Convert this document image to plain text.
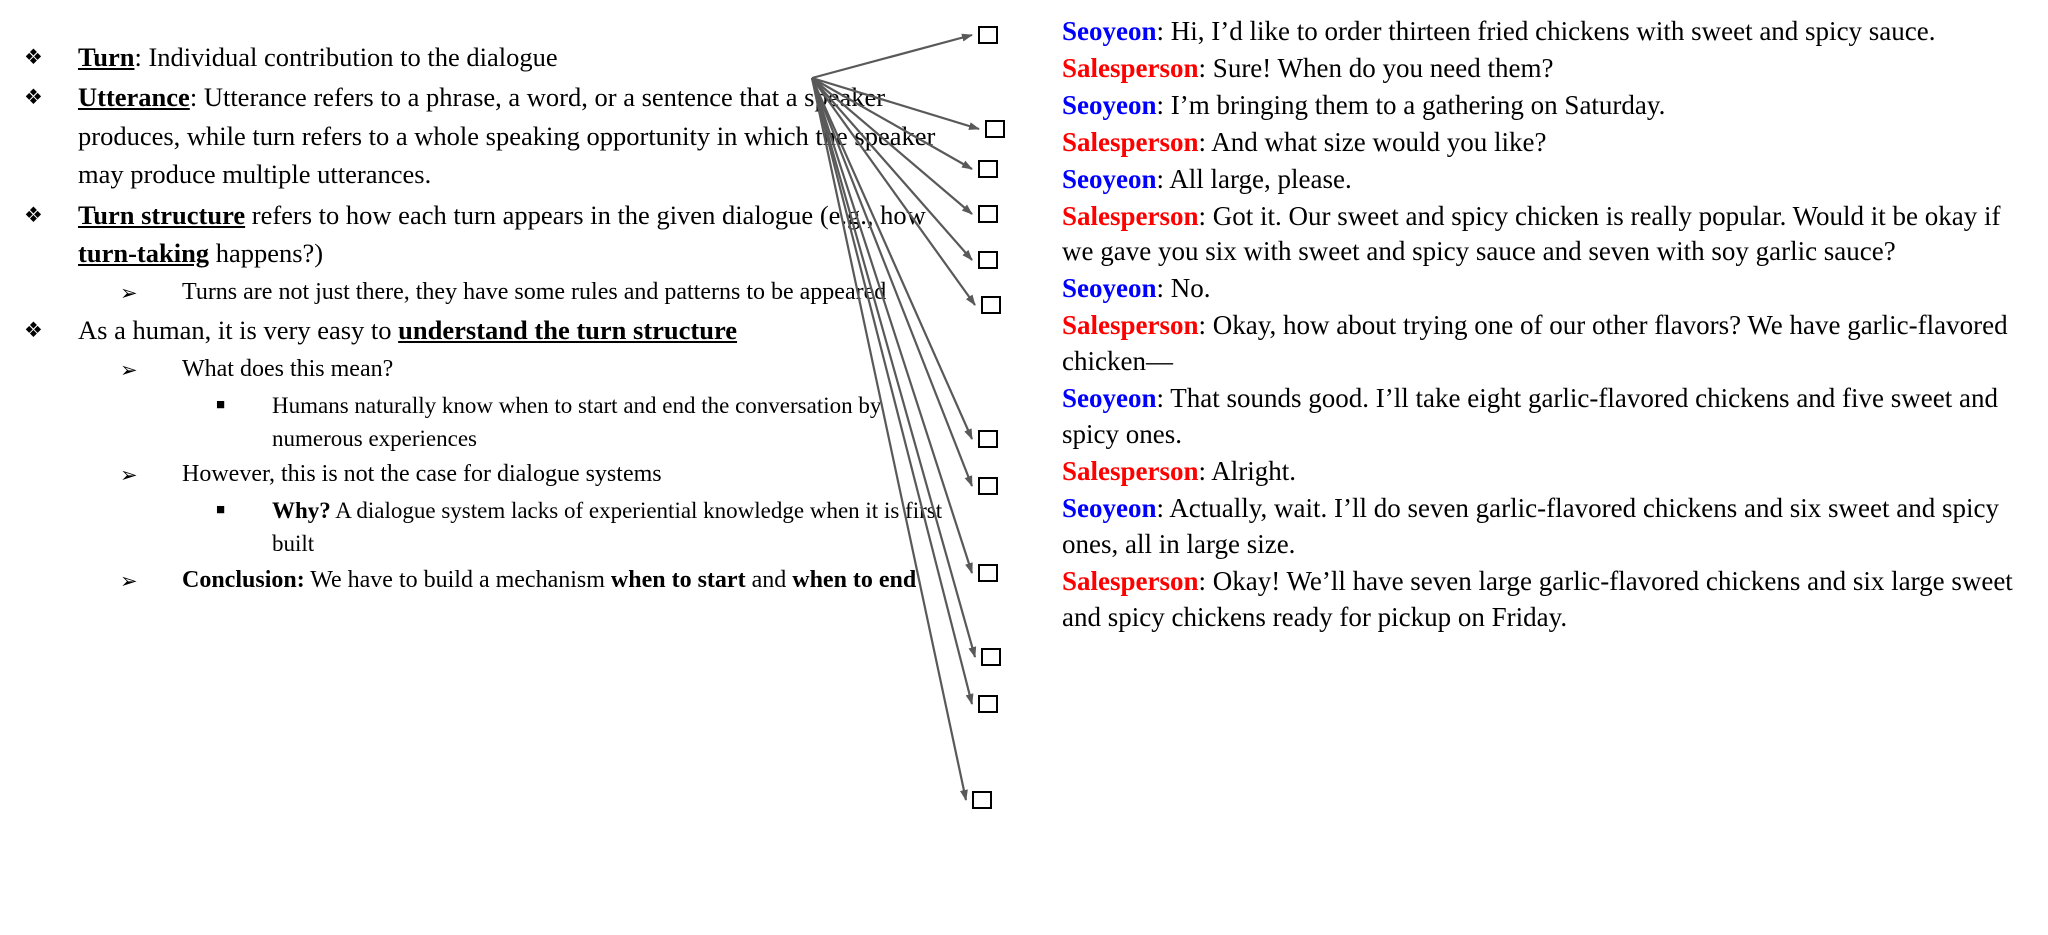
❖	Turn: Individual contribution to the dialogue
❖	Utterance: Utterance refers to a phrase, a word, or a sentence that a speaker produces, while turn refers to a whole speaking opportunity in which the speaker may produce multiple utterances.
❖	Turn structure refers to how each turn appears in the given dialogue (e.g., how turn-taking happens?)
➢	Turns are not just there, they have some rules and patterns to be appeared
❖	As a human, it is very easy to understand the turn structure
➢	What does this mean?
■	Humans naturally know when to start and end the conversation by numerous experiences
➢	However, this is not the case for dialogue systems
■	Why? A dialogue system lacks of experiential knowledge when it is first built
➢	Conclusion: We have to build a mechanism when to start and when to end

Seoyeon: Hi, I’d like to order thirteen fried chickens with sweet and spicy sauce.

Salesperson: Sure! When do you need them?

Seoyeon: I’m bringing them to a gathering on Saturday.

Salesperson: And what size would you like?

Seoyeon: All large, please.

Salesperson: Got it. Our sweet and spicy chicken is really popular. Would it be okay if we gave you six with sweet and spicy sauce and seven with soy garlic sauce?

Seoyeon: No.

Salesperson: Okay, how about trying one of our other flavors? We have garlic-flavored chicken—

Seoyeon: That sounds good. I’ll take eight garlic-flavored chickens and five sweet and spicy ones.

Salesperson: Alright.

Seoyeon: Actually, wait. I’ll do seven garlic-flavored chickens and six sweet and spicy ones, all in large size.

Salesperson: Okay! We’ll have seven large garlic-flavored chickens and six large sweet and spicy chickens ready for pickup on Friday.
